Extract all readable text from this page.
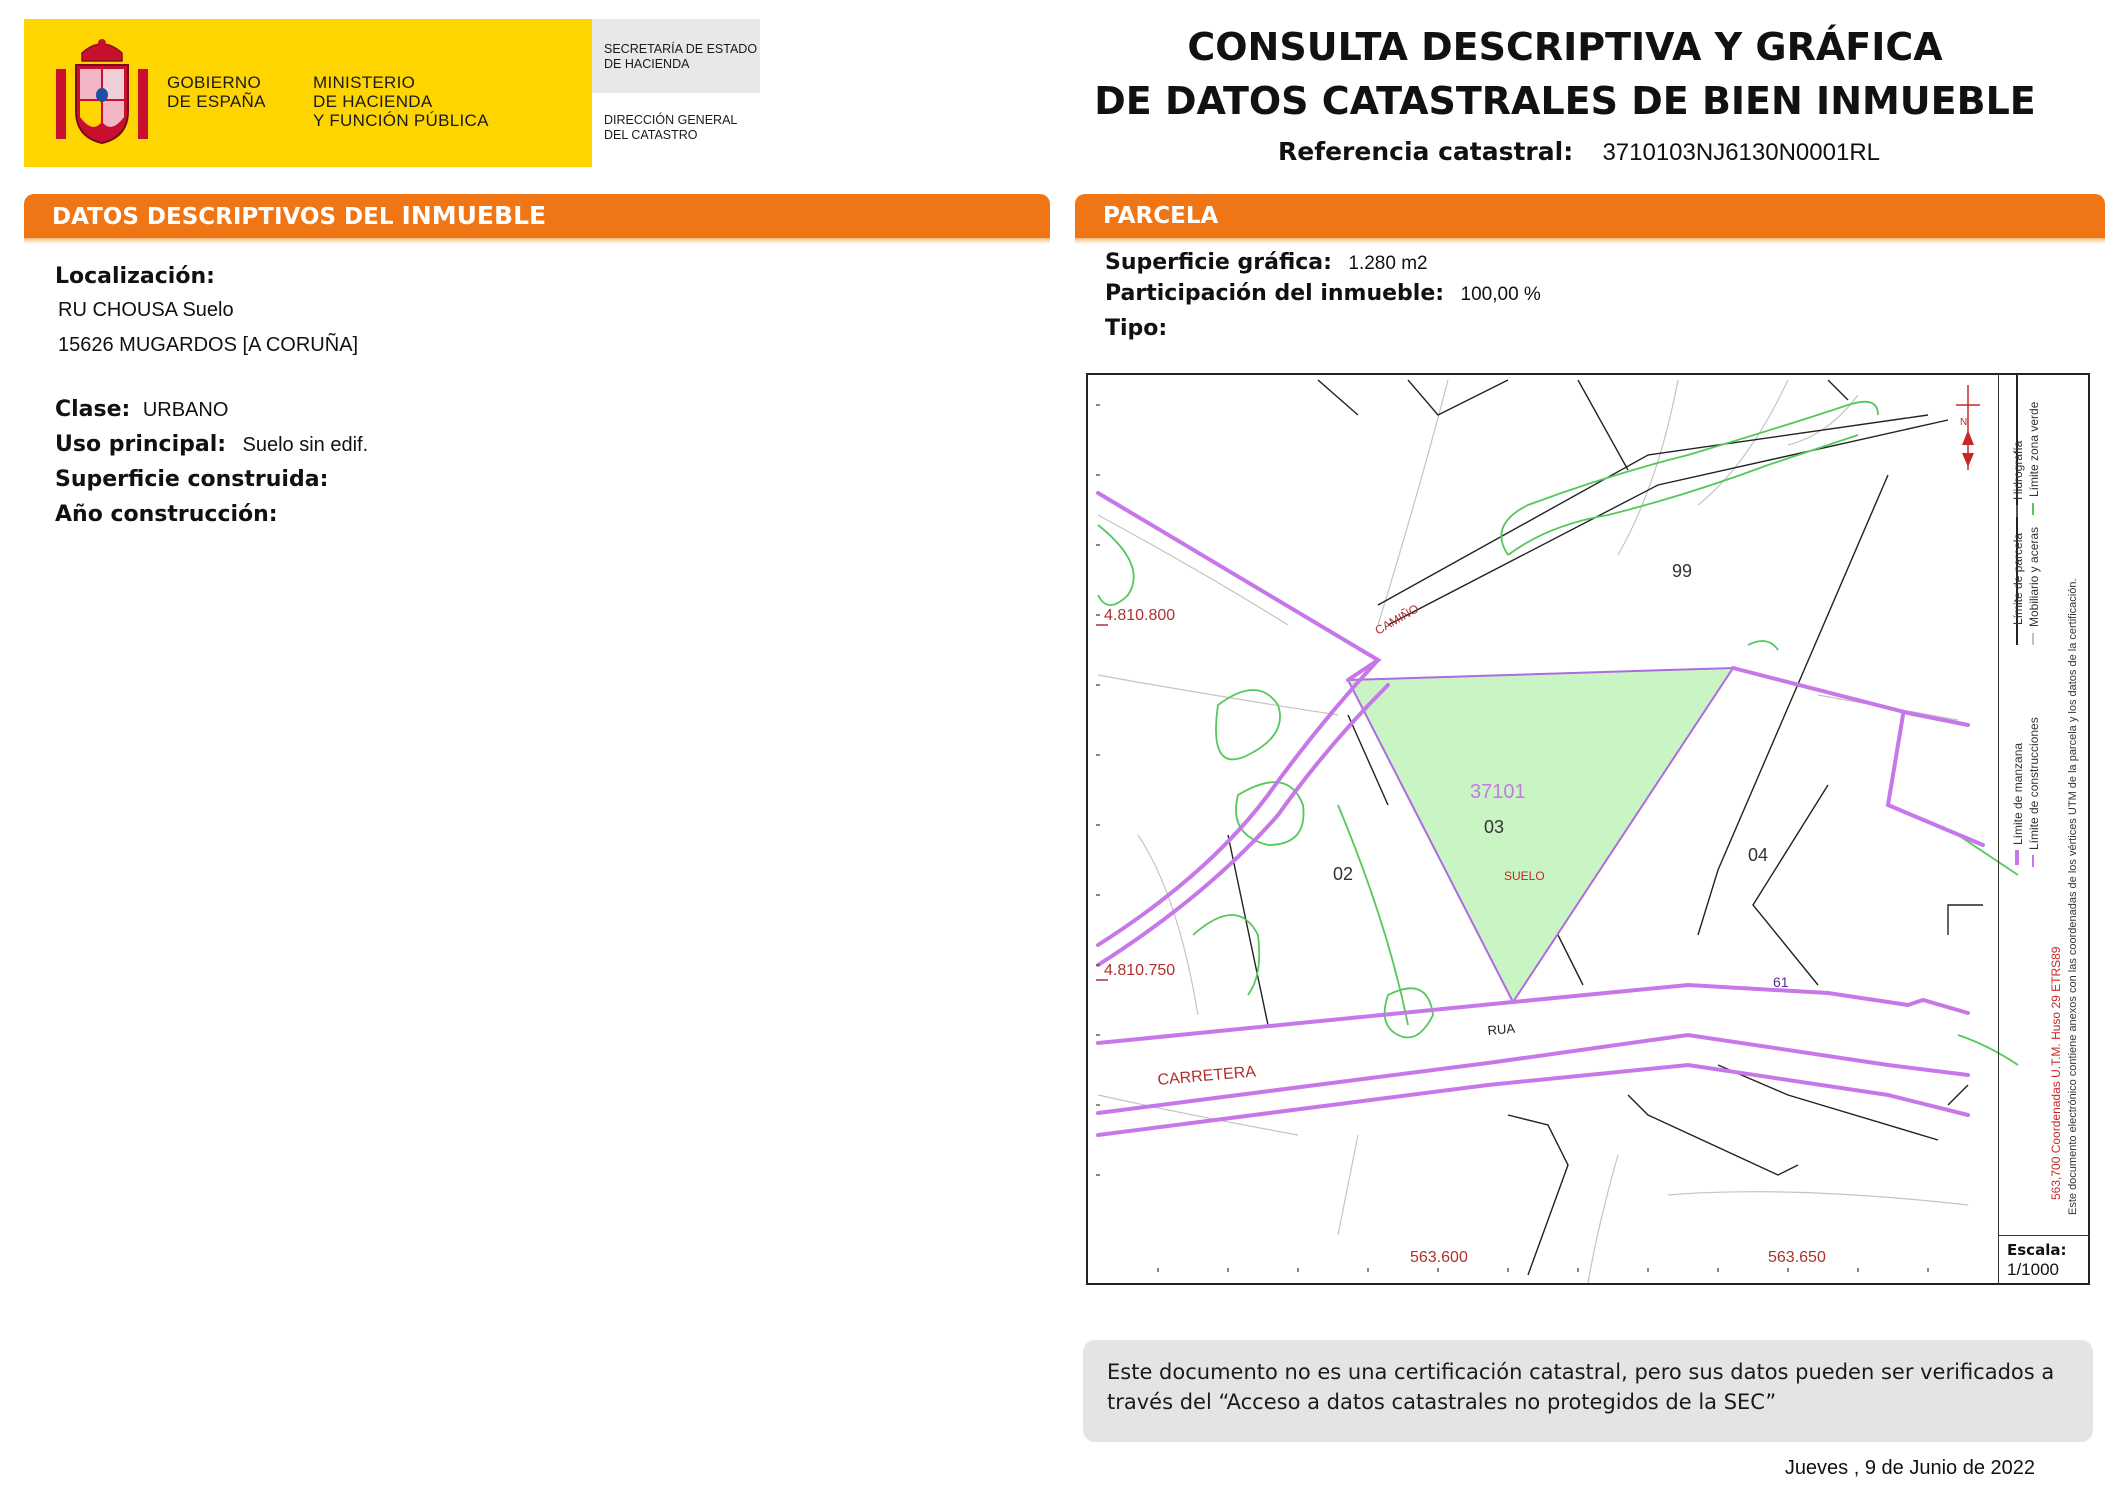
GOBIERNO
DE ESPAÑA
MINISTERIO
DE HACIENDA
Y FUNCIÓN PÚBLICA
SECRETARÍA DE ESTADO
DE HACIENDA
DIRECCIÓN GENERAL
DEL CATASTRO
CONSULTA DESCRIPTIVA Y GRÁFICA
DE DATOS CATASTRALES DE BIEN INMUEBLE
Referencia catastral: 3710103NJ6130N0001RL
DATOS DESCRIPTIVOS DEL INMUEBLE
Localización:
RU CHOUSA Suelo
15626 MUGARDOS [A CORUÑA]
Clase: URBANO
Uso principal: Suelo sin edif.
Superficie construida:
Año construcción:
PARCELA
Superficie gráfica: 1.280 m2
Participación del inmueble: 100,00 %
Tipo:
4.810.800
4.810.750
563.600	563.650
99
37101
03
SUELO
02
04
61
RUA
CARRETERA
CAMIÑO
N
Límite de manzana
Límite de parcela
Hidrografía
Límite de construcciones
Mobiliario y aceras
Límite zona verde
563,700 Coordenadas U.T.M. Huso 29 ETRS89 Este documento electrónico contiene anexos con las coordenadas de los vértices UTM de la parcela y los datos de la certificación.
Escala:
1/1000
Este documento no es una certificación catastral, pero sus datos pueden ser verificados a
través del “Acceso a datos catastrales no protegidos de la SEC”
Jueves , 9 de Junio de 2022
